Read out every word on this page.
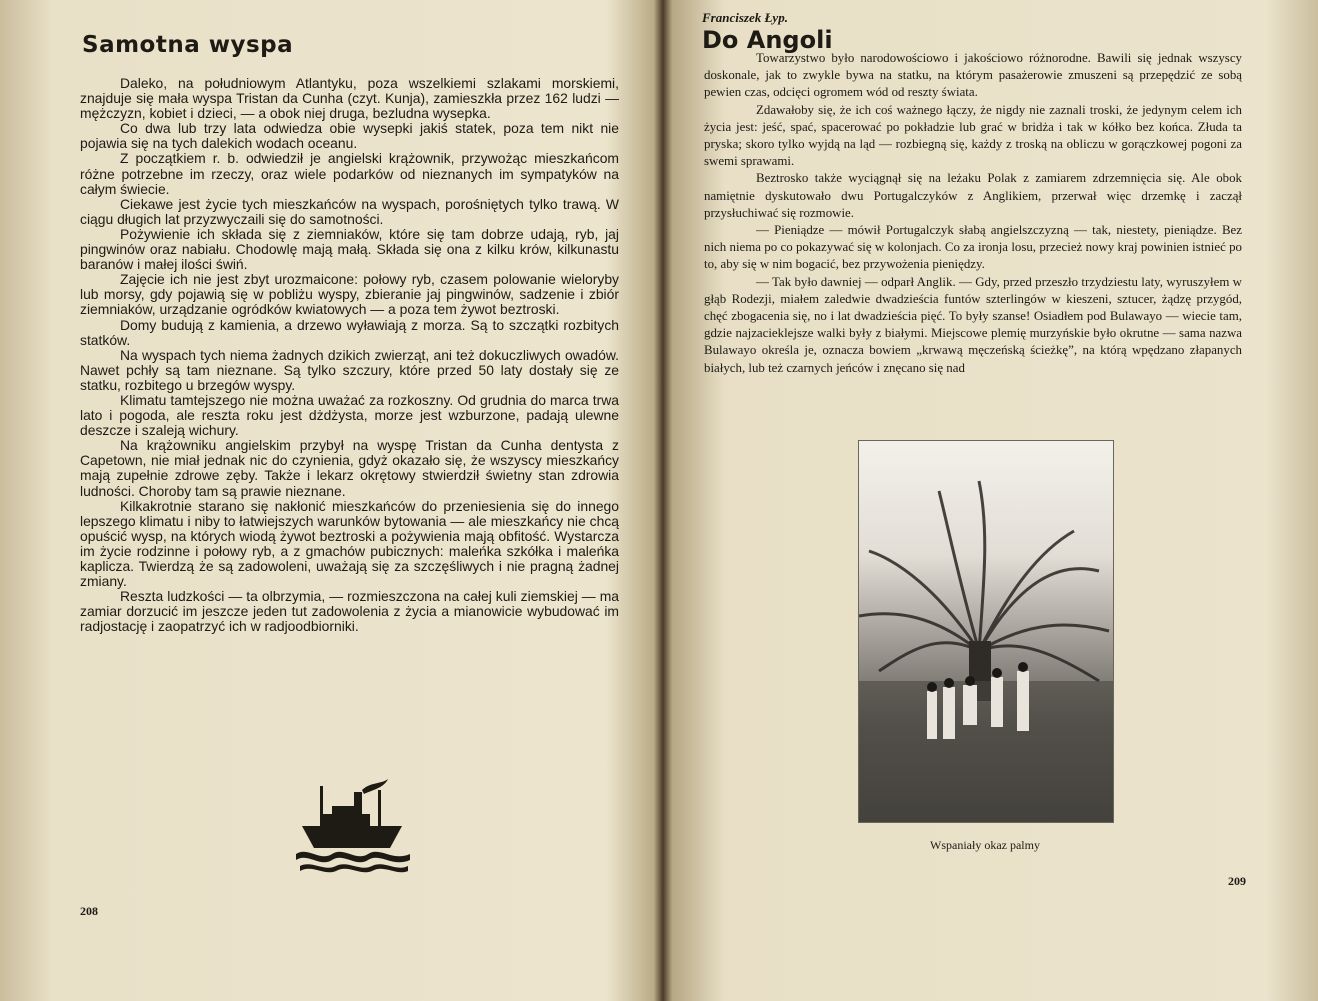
Samotna wyspa

Daleko, na południowym Atlantyku, poza wszelkiemi szlakami morskiemi, znajduje się mała wyspa Tristan da Cunha (czyt. Kunja), zamieszkła przez 162 ludzi — mężczyzn, kobiet i dzieci, — a obok niej druga, bezludna wysepka.

Co dwa lub trzy lata odwiedza obie wysepki jakiś statek, poza tem nikt nie pojawia się na tych dalekich wodach oceanu.

Z początkiem r. b. odwiedził je angielski krążownik, przywożąc mieszkańcom różne potrzebne im rzeczy, oraz wiele podarków od nieznanych im sympatyków na całym świecie.

Ciekawe jest życie tych mieszkańców na wyspach, porośniętych tylko trawą. W ciągu długich lat przyzwyczaili się do samotności.

Pożywienie ich składa się z ziemniaków, które się tam dobrze udają, ryb, jaj pingwinów oraz nabiału. Chodowlę mają małą. Składa się ona z kilku krów, kilkunastu baranów i małej ilości świń.

Zajęcie ich nie jest zbyt urozmaicone: połowy ryb, czasem polowanie wieloryby lub morsy, gdy pojawią się w pobliżu wyspy, zbieranie jaj pingwinów, sadzenie i zbiór ziemniaków, urządzanie ogródków kwiatowych — a poza tem żywot beztroski.

Domy budują z kamienia, a drzewo wyławiają z morza. Są to szczątki rozbitych statków.

Na wyspach tych niema żadnych dzikich zwierząt, ani też dokuczliwych owadów. Nawet pchły są tam nieznane. Są tylko szczury, które przed 50 laty dostały się ze statku, rozbitego u brzegów wyspy.

Klimatu tamtejszego nie można uważać za rozkoszny. Od grudnia do marca trwa lato i pogoda, ale reszta roku jest dżdżysta, morze jest wzburzone, padają ulewne deszcze i szaleją wichury.

Na krążowniku angielskim przybył na wyspę Tristan da Cunha dentysta z Capetown, nie miał jednak nic do czynienia, gdyż okazało się, że wszyscy mieszkańcy mają zupełnie zdrowe zęby. Także i lekarz okrętowy stwierdził świetny stan zdrowia ludności. Choroby tam są prawie nieznane.

Kilkakrotnie starano się nakłonić mieszkańców do przeniesienia się do innego lepszego klimatu i niby to łatwiejszych warunków bytowania — ale mieszkańcy nie chcą opuścić wysp, na których wiodą żywot beztroski a pożywienia mają obfitość. Wystarcza im życie rodzinne i połowy ryb, a z gmachów pubicznych: maleńka szkółka i maleńka kaplicza. Twierdzą że są zadowoleni, uważają się za szczęśliwych i nie pragną żadnej zmiany.

Reszta ludzkości — ta olbrzymia, — rozmieszczona na całej kuli ziemskiej — ma zamiar dorzucić im jeszcze jeden tut zadowolenia z życia a mianowicie wybudować im radjostację i zaopatrzyć ich w radjoodbiorniki.

208

Franciszek Łyp.

Do Angoli

Towarzystwo było narodowościowo i jakościowo różnorodne. Bawili się jednak wszyscy doskonale, jak to zwykle bywa na statku, na którym pasażerowie zmuszeni są przepędzić ze sobą pewien czas, odcięci ogromem wód od reszty świata.

Zdawałoby się, że ich coś ważnego łączy, że nigdy nie zaznali troski, że jedynym celem ich życia jest: jeść, spać, spacerować po pokładzie lub grać w bridża i tak w kółko bez końca. Złuda ta pryska; skoro tylko wyjdą na ląd — rozbiegną się, każdy z troską na obliczu w gorączkowej pogoni za swemi sprawami.

Beztrosko także wyciągnął się na leżaku Polak z zamiarem zdrzemnięcia się. Ale obok namiętnie dyskutowało dwu Portugalczyków z Anglikiem, przerwał więc drzemkę i zaczął przysłuchiwać się rozmowie.

— Pieniądze — mówił Portugalczyk słabą angielszczyzną — tak, niestety, pieniądze. Bez nich niema po co pokazywać się w kolonjach. Co za ironja losu, przecież nowy kraj powinien istnieć po to, aby się w nim bogacić, bez przywożenia pieniędzy.

— Tak było dawniej — odparł Anglik. — Gdy, przed przeszło trzydziestu laty, wyruszyłem w głąb Rodezji, miałem zaledwie dwadzieścia funtów szterlingów w kieszeni, sztucer, żądzę przygód, chęć zbogacenia się, no i lat dwadzieścia pięć. To były szanse! Osiadłem pod Bulawayo — wiecie tam, gdzie najzacieklejsze walki były z białymi. Miejscowe plemię murzyńskie było okrutne — sama nazwa Bulawayo określa je, oznacza bowiem „krwawą męczeńską ścieżkę”, na którą wpędzano złapanych białych, lub też czarnych jeńców i znęcano się nad

Wspaniały okaz palmy

209
